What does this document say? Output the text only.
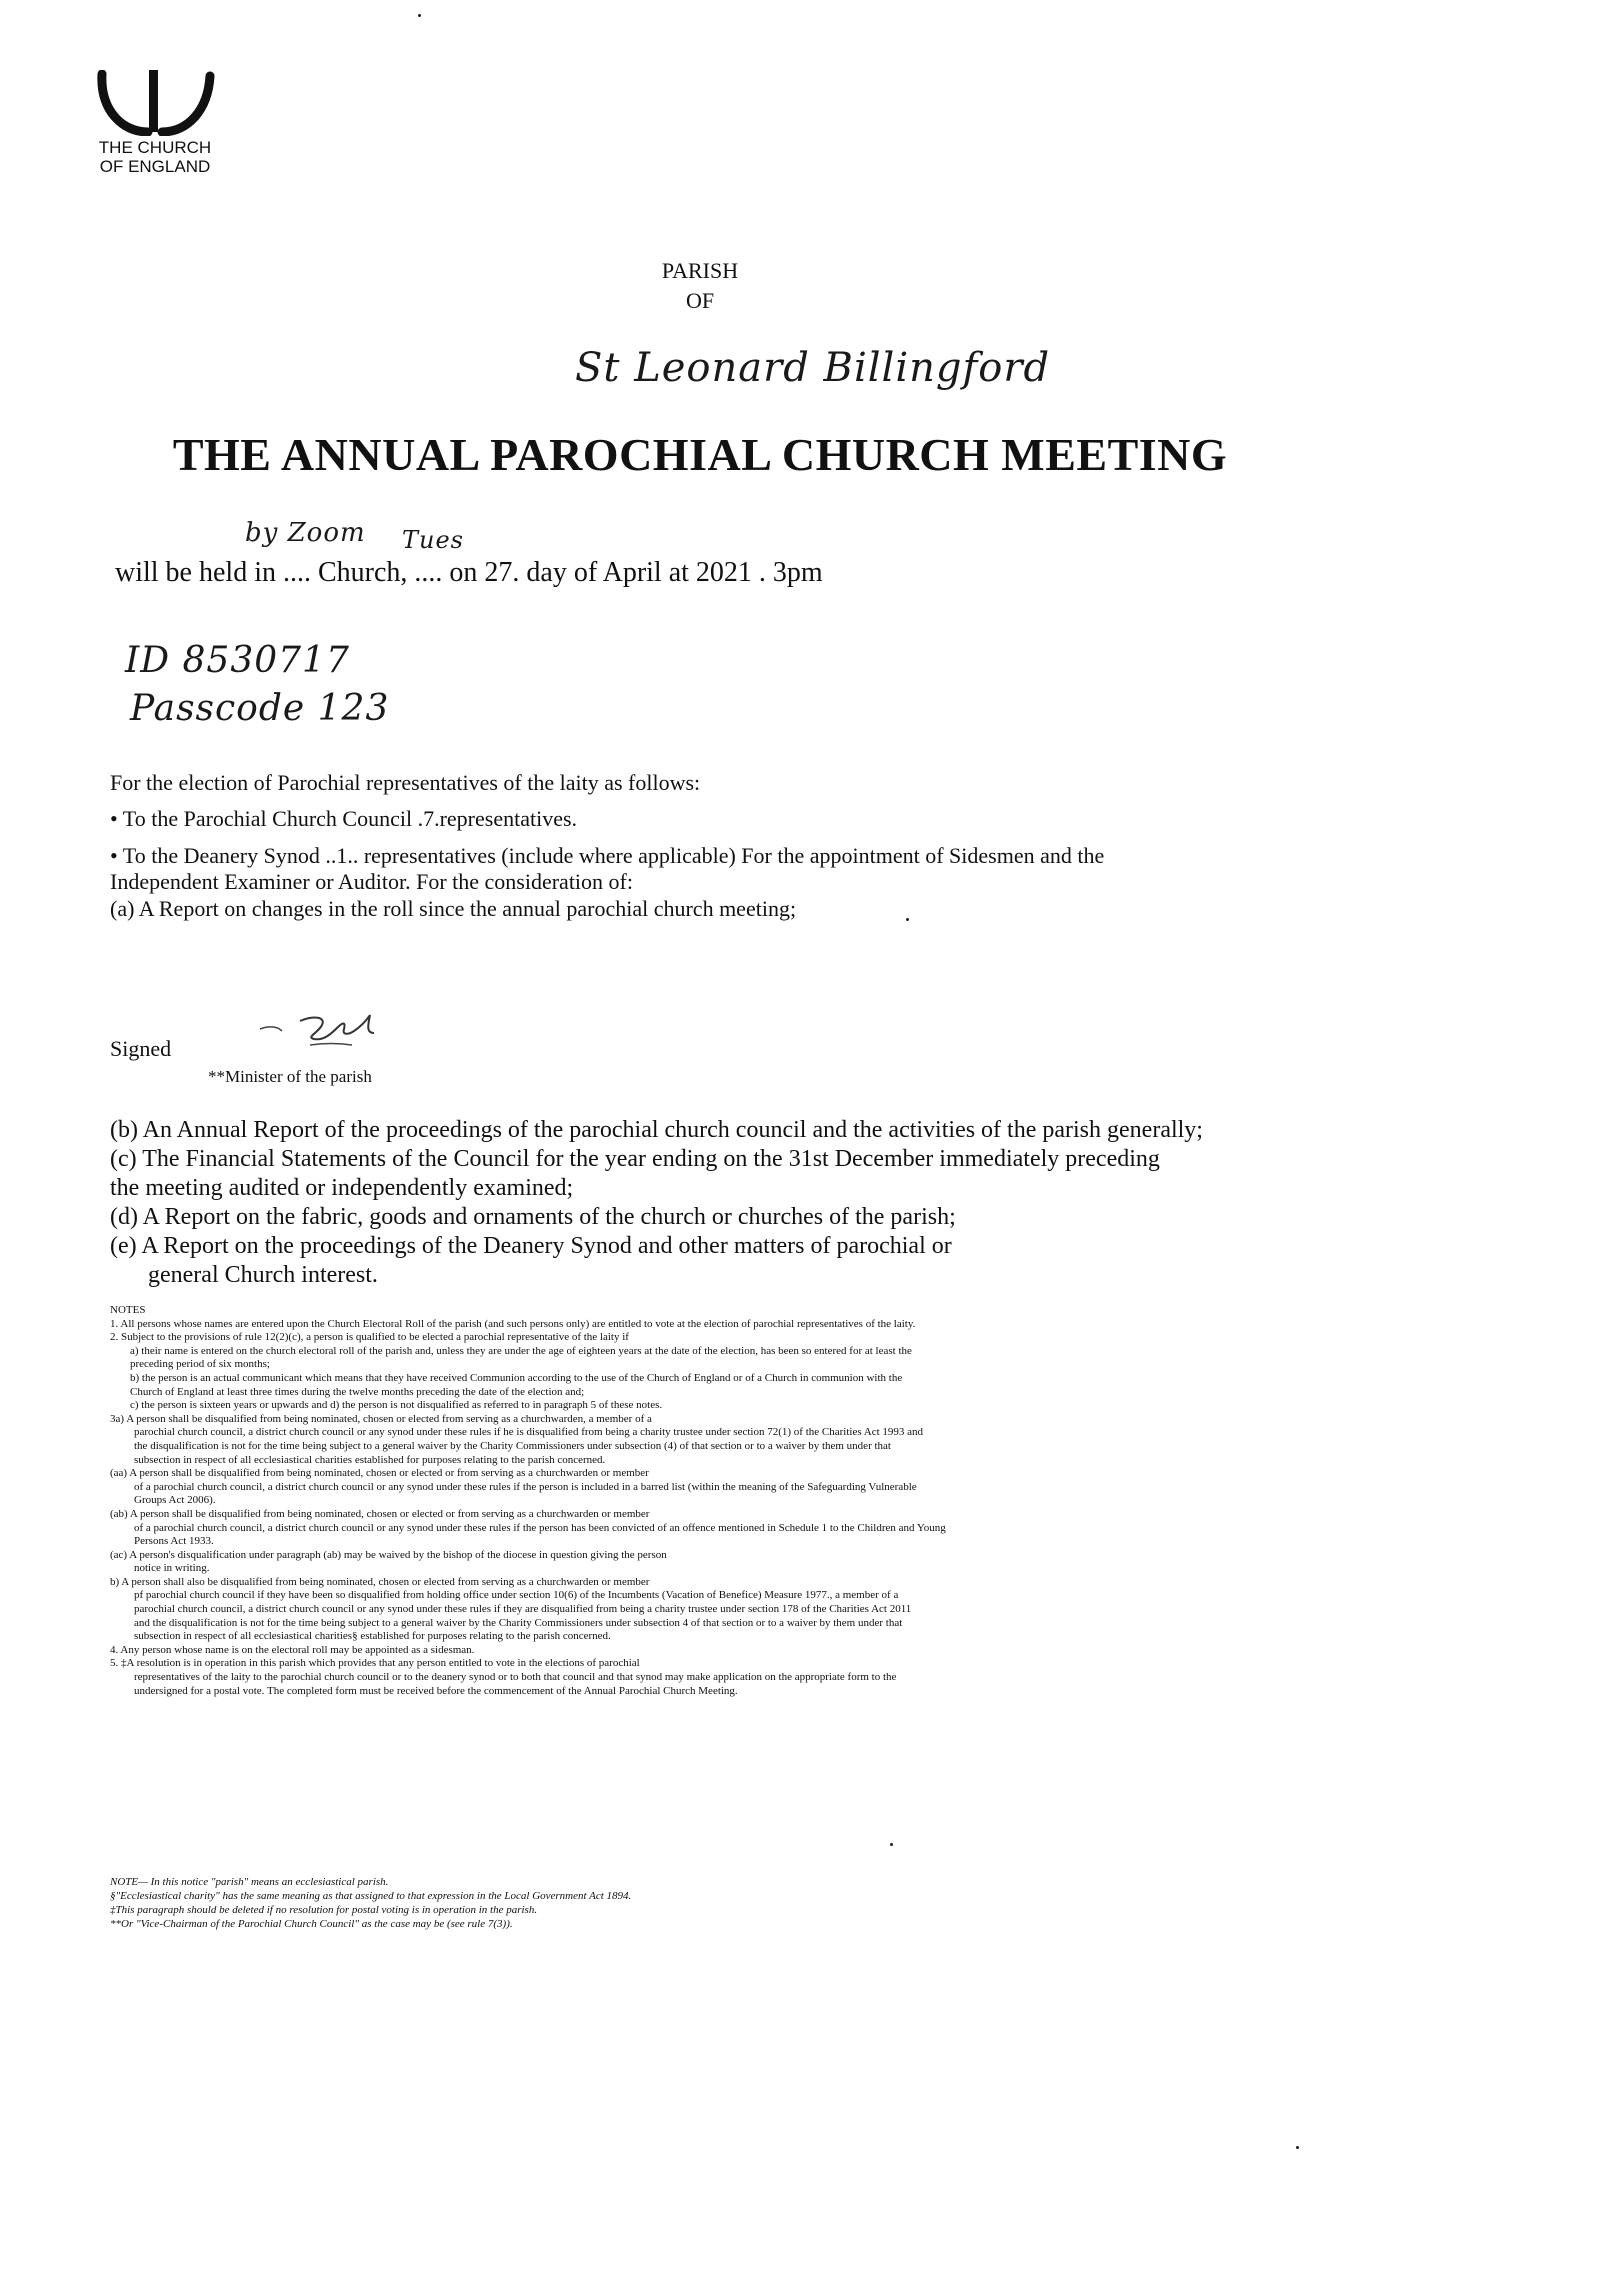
THE CHURCH
OF ENGLAND
PARISH
OF
St Leonard Billingford
THE ANNUAL PAROCHIAL CHURCH MEETING
by Zoom Tues
will be held in .... Church, .... on 27. day of April at 2021 . 3pm
ID 8530717
Passcode 123
For the election of Parochial representatives of the laity as follows:
• To the Parochial Church Council .7.representatives.
• To the Deanery Synod ..1.. representatives (include where applicable) For the appointment of Sidesmen and the
Independent Examiner or Auditor. For the consideration of:
(a) A Report on changes in the roll since the annual parochial church meeting;
Signed
**Minister of the parish
(b) An Annual Report of the proceedings of the parochial church council and the activities of the parish generally;
(c) The Financial Statements of the Council for the year ending on the 31st December immediately preceding
the meeting audited or independently examined;
(d) A Report on the fabric, goods and ornaments of the church or churches of the parish;
(e) A Report on the proceedings of the Deanery Synod and other matters of parochial or
general Church interest.
NOTES
1. All persons whose names are entered upon the Church Electoral Roll of the parish (and such persons only) are entitled to vote at the election of parochial representatives of the laity.
2. Subject to the provisions of rule 12(2)(c), a person is qualified to be elected a parochial representative of the laity if
a) their name is entered on the church electoral roll of the parish and, unless they are under the age of eighteen years at the date of the election, has been so entered for at least the
preceding period of six months;
b) the person is an actual communicant which means that they have received Communion according to the use of the Church of England or of a Church in communion with the
Church of England at least three times during the twelve months preceding the date of the election and;
c) the person is sixteen years or upwards and d) the person is not disqualified as referred to in paragraph 5 of these notes.
3a) A person shall be disqualified from being nominated, chosen or elected from serving as a churchwarden, a member of a
parochial church council, a district church council or any synod under these rules if he is disqualified from being a charity trustee under section 72(1) of the Charities Act 1993 and
the disqualification is not for the time being subject to a general waiver by the Charity Commissioners under subsection (4) of that section or to a waiver by them under that
subsection in respect of all ecclesiastical charities established for purposes relating to the parish concerned.
(aa) A person shall be disqualified from being nominated, chosen or elected or from serving as a churchwarden or member
of a parochial church council, a district church council or any synod under these rules if the person is included in a barred list (within the meaning of the Safeguarding Vulnerable
Groups Act 2006).
(ab) A person shall be disqualified from being nominated, chosen or elected or from serving as a churchwarden or member
of a parochial church council, a district church council or any synod under these rules if the person has been convicted of an offence mentioned in Schedule 1 to the Children and Young
Persons Act 1933.
(ac) A person's disqualification under paragraph (ab) may be waived by the bishop of the diocese in question giving the person
notice in writing.
b) A person shall also be disqualified from being nominated, chosen or elected from serving as a churchwarden or member
pf parochial church council if they have been so disqualified from holding office under section 10(6) of the Incumbents (Vacation of Benefice) Measure 1977., a member of a
parochial church council, a district church council or any synod under these rules if they are disqualified from being a charity trustee under section 178 of the Charities Act 2011
and the disqualification is not for the time being subject to a general waiver by the Charity Commissioners under subsection 4 of that section or to a waiver by them under that
subsection in respect of all ecclesiastical charities§ established for purposes relating to the parish concerned.
4. Any person whose name is on the electoral roll may be appointed as a sidesman.
5. ‡A resolution is in operation in this parish which provides that any person entitled to vote in the elections of parochial
representatives of the laity to the parochial church council or to the deanery synod or to both that council and that synod may make application on the appropriate form to the
undersigned for a postal vote. The completed form must be received before the commencement of the Annual Parochial Church Meeting.
NOTE— In this notice "parish" means an ecclesiastical parish.
§"Ecclesiastical charity" has the same meaning as that assigned to that expression in the Local Government Act 1894.
‡This paragraph should be deleted if no resolution for postal voting is in operation in the parish.
**Or "Vice-Chairman of the Parochial Church Council" as the case may be (see rule 7(3)).
